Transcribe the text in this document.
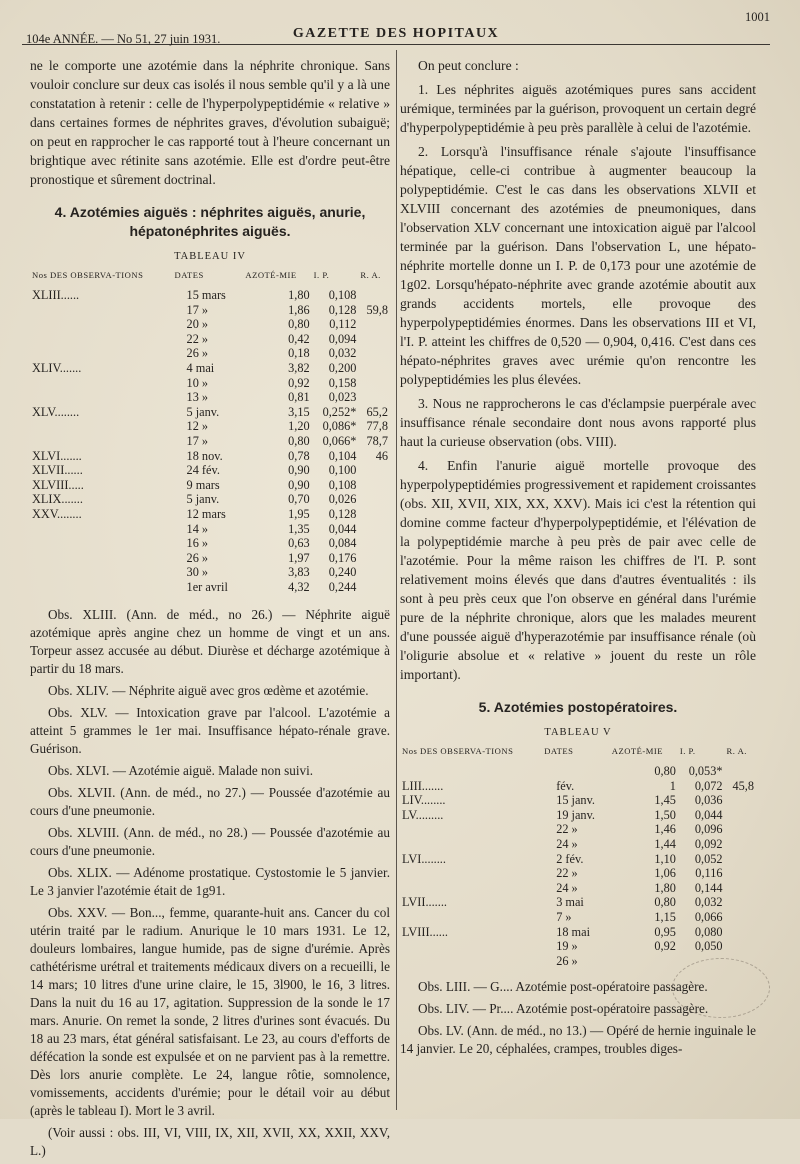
104e ANNÉE. — No 51, 27 juin 1931.	GAZETTE DES HOPITAUX
1001

ne le comporte une azotémie dans la néphrite chronique. Sans vouloir conclure sur deux cas isolés il nous semble qu'il y a là une constatation à retenir : celle de l'hyperpolypeptidémie « relative » dans certaines formes de néphrites graves, d'évolution subaiguë; on peut en rapprocher le cas rapporté tout à l'heure concernant un brightique avec rétinite sans azotémie. Elle est d'ordre peut-être pronostique et sûrement doctrinal.

4. Azotémies aiguës : néphrites aiguës, anurie, hépatonéphrites aiguës.
TABLEAU IV
Nos DES OBSERVA-TIONS	DATES	AZOTÉ-MIE	I. P.	R. A.
XLIII......	15 mars	1,80	0,108	
	17 »	1,86	0,128	59,8
	20 »	0,80	0,112	
	22 »	0,42	0,094	
	26 »	0,18	0,032	
XLIV.......	4 mai	3,82	0,200	
	10 »	0,92	0,158	
	13 »	0,81	0,023	
XLV........	5 janv.	3,15	0,252*	65,2
	12 »	1,20	0,086*	77,8
	17 »	0,80	0,066*	78,7
XLVI.......	18 nov.	0,78	0,104	46
XLVII......	24 fév.	0,90	0,100	
XLVIII.....	9 mars	0,90	0,108	
XLIX.......	5 janv.	0,70	0,026	
XXV........	12 mars	1,95	0,128	
	14 »	1,35	0,044	
	16 »	0,63	0,084	
	26 »	1,97	0,176	
	30 »	3,83	0,240	
	1er avril	4,32	0,244	

Obs. XLIII. (Ann. de méd., no 26.) — Néphrite aiguë azotémique après angine chez un homme de vingt et un ans. Torpeur assez accusée au début. Diurèse et décharge azotémique à partir du 18 mars.

Obs. XLIV. — Néphrite aiguë avec gros œdème et azotémie.

Obs. XLV. — Intoxication grave par l'alcool. L'azotémie a atteint 5 grammes le 1er mai. Insuffisance hépato-rénale grave. Guérison.

Obs. XLVI. — Azotémie aiguë. Malade non suivi.

Obs. XLVII. (Ann. de méd., no 27.) — Poussée d'azotémie au cours d'une pneumonie.

Obs. XLVIII. (Ann. de méd., no 28.) — Poussée d'azotémie au cours d'une pneumonie.

Obs. XLIX. — Adénome prostatique. Cystostomie le 5 janvier. Le 3 janvier l'azotémie était de 1g91.

Obs. XXV. — Bon..., femme, quarante-huit ans. Cancer du col utérin traité par le radium. Anurique le 10 mars 1931. Le 12, douleurs lombaires, langue humide, pas de signe d'urémie. Après cathétérisme urétral et traitements médicaux divers on a recueilli, le 14 mars; 10 litres d'une urine claire, le 15, 3l900, le 16, 3 litres. Dans la nuit du 16 au 17, agitation. Suppression de la sonde le 17 mars. Anurie. On remet la sonde, 2 litres d'urines sont évacués. Du 18 au 23 mars, état général satisfaisant. Le 23, au cours d'efforts de défécation la sonde est expulsée et on ne parvient pas à la remettre. Dès lors anurie complète. Le 24, langue rôtie, somnolence, vomissements, accidents d'urémie; pour le détail voir au début (après le tableau I). Mort le 3 avril.

(Voir aussi : obs. III, VI, VIII, IX, XII, XVII, XX, XXII, XXV, L.)

On peut conclure :

1. Les néphrites aiguës azotémiques pures sans accident urémique, terminées par la guérison, provoquent un certain degré d'hyperpolypeptidémie à peu près parallèle à celui de l'azotémie.

2. Lorsqu'à l'insuffisance rénale s'ajoute l'insuffisance hépatique, celle-ci contribue à augmenter beaucoup la polypeptidémie. C'est le cas dans les observations XLVII et XLVIII concernant des azotémies de pneumoniques, dans l'observation XLV concernant une intoxication aiguë par l'alcool terminée par la guérison. Dans l'observation L, une hépato-néphrite mortelle donne un I. P. de 0,173 pour une azotémie de 1g02. Lorsqu'hépato-néphrite avec grande azotémie aboutit aux grands accidents mortels, elle provoque des hyperpolypeptidémies énormes. Dans les observations III et VI, l'I. P. atteint les chiffres de 0,520 — 0,904, 0,416. C'est dans ces hépato-néphrites graves avec urémie qu'on rencontre les polypeptidémies les plus élevées.

3. Nous ne rapprocherons le cas d'éclampsie puerpérale avec insuffisance rénale secondaire dont nous avons rapporté plus haut la curieuse observation (obs. VIII).

4. Enfin l'anurie aiguë mortelle provoque des hyperpolypeptidémies progressivement et rapidement croissantes (obs. XII, XVII, XIX, XX, XXV). Mais ici c'est la rétention qui domine comme facteur d'hyperpolypeptidémie, et l'élévation de la polypeptidémie marche à peu près de pair avec celle de l'azotémie. Pour la même raison les chiffres de l'I. P. sont relativement moins élevés que dans d'autres éventualités : ils sont à peu près ceux que l'on observe en général dans l'urémie pure de la néphrite chronique, alors que les malades meurent d'une poussée aiguë d'hyperazotémie par insuffisance rénale (où l'oligurie absolue et « relative » jouent du reste un rôle important).

5. Azotémies postopératoires.
TABLEAU V
Nos DES OBSERVA-TIONS	DATES	AZOTÉ-MIE	I. P.	R. A.
		0,80	0,053*	
LIII.......	fév.	1	0,072	45,8
LIV........	15 janv.	1,45	0,036	
LV.........	19 janv.	1,50	0,044	
	22 »	1,46	0,096	
	24 »	1,44	0,092	
LVI........	2 fév.	1,10	0,052	
	22 »	1,06	0,116	
	24 »	1,80	0,144	
LVII.......	3 mai	0,80	0,032	
	7 »	1,15	0,066	
LVIII......	18 mai	0,95	0,080	
	19 »	0,92	0,050	
	26 »			

Obs. LIII. — G.... Azotémie post-opératoire passagère.

Obs. LIV. — Pr.... Azotémie post-opératoire passagère.

Obs. LV. (Ann. de méd., no 13.) — Opéré de hernie inguinale le 14 janvier. Le 20, céphalées, crampes, troubles diges-
